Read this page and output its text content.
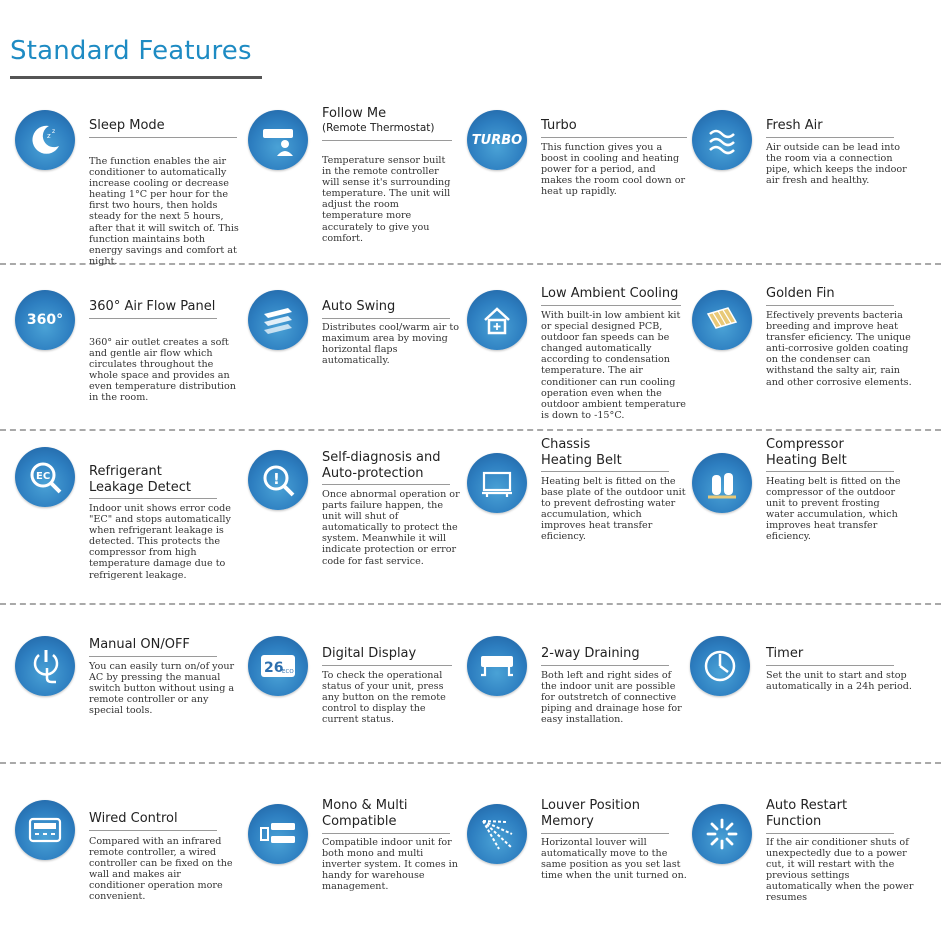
Standard Features
z
z	Sleep Mode
The function enables the air conditioner to automatically increase cooling or decrease heating 1°C per hour for the first two hours, then holds steady for the next 5 hours, after that it will switch of. This function maintains both energy savings and comfort at night.
Follow Me
(Remote Thermostat)
Temperature sensor built in the remote controller will sense it's surrounding temperature. The unit will adjust the room temperature more accurately to give you comfort.
TURBO
Turbo
This function gives you a boost in cooling and heating power for a period, and makes the room cool down or heat up rapidly.
Fresh Air
Air outside can be lead into the room via a connection pipe, which keeps the indoor air fresh and healthy.
360°
360° Air Flow Panel
360° air outlet creates a soft and gentle air flow which circulates throughout the whole space and provides an even temperature distribution in the room.
Auto Swing
Distributes cool/warm air to maximum area by moving horizontal flaps automatically.
Low Ambient Cooling
With built-in low ambient kit or special designed PCB, outdoor fan speeds can be changed automatically according to condensation temperature. The air conditioner can run cooling operation even when the outdoor ambient temperature is down to -15°C.
Golden Fin
Efectively prevents bacteria breeding and improve heat transfer eficiency. The unique anti-corrosive golden coating on the condenser can withstand the salty air, rain and other corrosive elements.
EC	Refrigerant
Leakage Detect
Indoor unit shows error code "EC" and stops automatically when refrigerant leakage is detected. This protects the compressor from high temperature damage due to refrigerent leakage.
!
Self-diagnosis and
Auto-protection
Once abnormal operation or parts failure happen, the unit will shut of automatically to protect the system. Meanwhile it will indicate protection or error code for fast service.
Chassis
Heating Belt
Heating belt is fitted on the base plate of the outdoor unit to prevent defrosting water accumulation, which improves heat transfer eficiency.
Compressor
Heating Belt
Heating belt is fitted on the compressor of the outdoor unit to prevent frosting water accumulation, which improves heat transfer eficiency.
Manual ON/OFF
You can easily turn on/of your AC by pressing the manual switch button without using a remote controller or any special tools.
26
ECO
Digital Display
To check the operational status of your unit, press any button on the remote control to display the current status.
2-way Draining
Both left and right sides of the indoor unit are possible for outstretch of connective piping and drainage hose for easy installation.
Timer
Set the unit to start and stop automatically in a 24h period.
Wired Control
Compared with an infrared remote controller, a wired controller can be fixed on the wall and makes air conditioner operation more convenient.
Mono & Multi
Compatible
Compatible indoor unit for both mono and multi inverter system. It comes in handy for warehouse management.
Louver Position
Memory
Horizontal louver will automatically move to the same position as you set last time when the unit turned on.
Auto Restart
Function
If the air conditioner shuts of unexpectedly due to a power cut, it will restart with the previous settings automatically when the power resumes
